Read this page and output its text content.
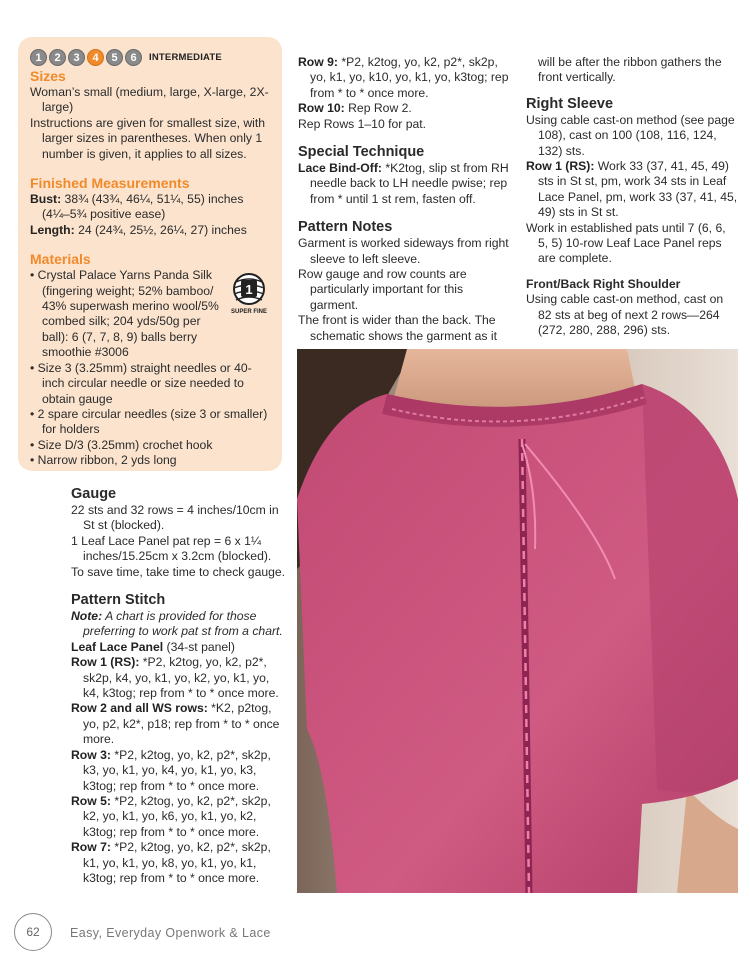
1	2	3	4	5	6	INTERMEDIATE

Sizes

Woman’s small (medium, large, X-large, 2X-large)

Instructions are given for smallest size, with larger sizes in parentheses. When only 1 number is given, it applies to all sizes.

Finished Measurements

Bust: 38¾ (43¾, 46¼, 51¼, 55) inches (4¼–5¾ positive ease)

Length: 24 (24¾, 25½, 26¼, 27) inches

Materials

• Crystal Palace Yarns Panda Silk (fingering weight; 52% bamboo/ 43% superwash merino wool/5% combed silk; 204 yds/50g per ball): 6 (7, 7, 8, 9) balls berry smoothie #3006

• Size 3 (3.25mm) straight needles or 40-inch circular needle or size needed to obtain gauge

• 2 spare circular needles (size 3 or smaller) for holders

• Size D/3 (3.25mm) crochet hook

• Narrow ribbon, 2 yds long

1
SUPER FINE

Gauge

22 sts and 32 rows = 4 inches/10cm in St st (blocked).

1 Leaf Lace Panel pat rep = 6 x 1¼ inches/15.25cm x 3.2cm (blocked).

To save time, take time to check gauge.

Pattern Stitch

Note: A chart is provided for those preferring to work pat st from a chart.

Leaf Lace Panel (34-st panel)

Row 1 (RS): *P2, k2tog, yo, k2, p2*, sk2p, k4, yo, k1, yo, k2, yo, k1, yo, k4, k3tog; rep from * to * once more.

Row 2 and all WS rows: *K2, p2tog, yo, p2, k2*, p18; rep from * to * once more.

Row 3: *P2, k2tog, yo, k2, p2*, sk2p, k3, yo, k1, yo, k4, yo, k1, yo, k3, k3tog; rep from * to * once more.

Row 5: *P2, k2tog, yo, k2, p2*, sk2p, k2, yo, k1, yo, k6, yo, k1, yo, k2, k3tog; rep from * to * once more.

Row 7: *P2, k2tog, yo, k2, p2*, sk2p, k1, yo, k1, yo, k8, yo, k1, yo, k1, k3tog; rep from * to * once more.

Row 9: *P2, k2tog, yo, k2, p2*, sk2p, yo, k1, yo, k10, yo, k1, yo, k3tog; rep from * to * once more.

Row 10: Rep Row 2.

Rep Rows 1–10 for pat.

Special Technique

Lace Bind-Off: *K2tog, slip st from RH needle back to LH needle pwise; rep from * until 1 st rem, fasten off.

Pattern Notes

Garment is worked sideways from right sleeve to left sleeve.

Row gauge and row counts are particularly important for this garment.

The front is wider than the back. The schematic shows the garment as it

will be after the ribbon gathers the front vertically.

Right Sleeve

Using cable cast-on method (see page 108), cast on 100 (108, 116, 124, 132) sts.

Row 1 (RS): Work 33 (37, 41, 45, 49) sts in St st, pm, work 34 sts in Leaf Lace Panel, pm, work 33 (37, 41, 45, 49) sts in St st.

Work in established pats until 7 (6, 6, 5, 5) 10-row Leaf Lace Panel reps are complete.

Front/Back Right Shoulder

Using cable cast-on method, cast on 82 sts at beg of next 2 rows—264 (272, 280, 288, 296) sts.

62	Easy, Everyday Openwork & Lace
